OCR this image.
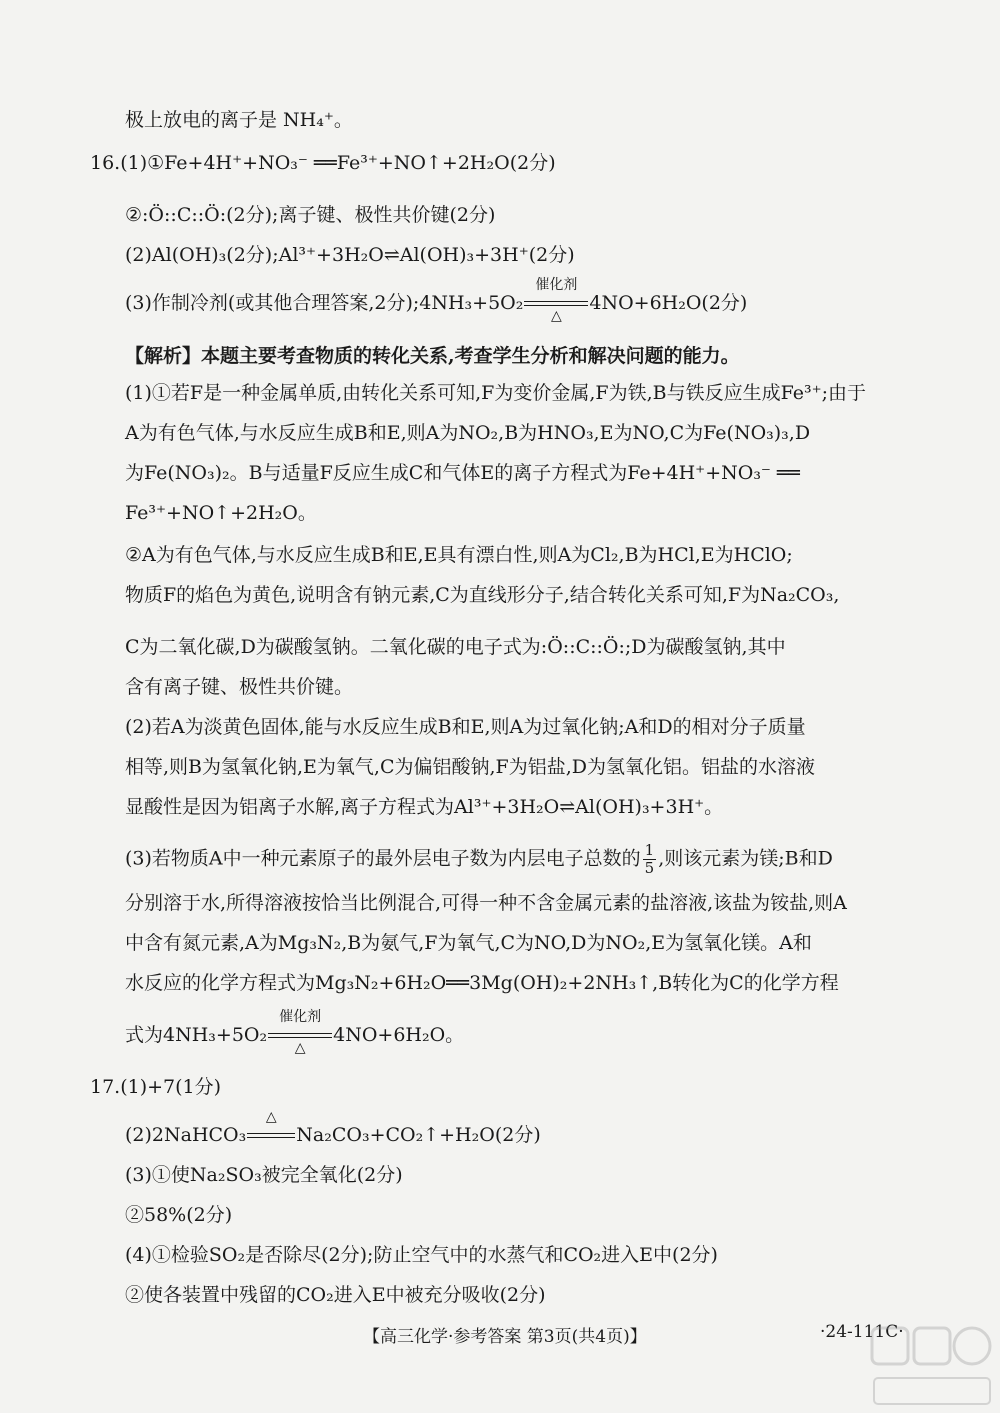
极上放电的离子是 NH₄⁺。
16.(1)①Fe+4H⁺+NO₃⁻ ══Fe³⁺+NO↑+2H₂O(2分)
②:Ö::C::Ö:(2分);离子键、极性共价键(2分)
(2)Al(OH)₃(2分);Al³⁺+3H₂O⇌Al(OH)₃+3H⁺(2分)
(3)作制冷剂(或其他合理答案,2分);4NH₃+5O₂
催化剂
△
4NO+6H₂O(2分)
【解析】本题主要考查物质的转化关系,考查学生分析和解决问题的能力。
(1)①若F是一种金属单质,由转化关系可知,F为变价金属,F为铁,B与铁反应生成Fe³⁺;由于
A为有色气体,与水反应生成B和E,则A为NO₂,B为HNO₃,E为NO,C为Fe(NO₃)₃,D
为Fe(NO₃)₂。B与适量F反应生成C和气体E的离子方程式为Fe+4H⁺+NO₃⁻ ══
Fe³⁺+NO↑+2H₂O。
②A为有色气体,与水反应生成B和E,E具有漂白性,则A为Cl₂,B为HCl,E为HClO;
物质F的焰色为黄色,说明含有钠元素,C为直线形分子,结合转化关系可知,F为Na₂CO₃,
C为二氧化碳,D为碳酸氢钠。二氧化碳的电子式为:Ö::C::Ö:;D为碳酸氢钠,其中
含有离子键、极性共价键。
(2)若A为淡黄色固体,能与水反应生成B和E,则A为过氧化钠;A和D的相对分子质量
相等,则B为氢氧化钠,E为氧气,C为偏铝酸钠,F为铝盐,D为氢氧化铝。铝盐的水溶液
显酸性是因为铝离子水解,离子方程式为Al³⁺+3H₂O⇌Al(OH)₃+3H⁺。
(3)若物质A中一种元素原子的最外层电子数为内层电子总数的 $\frac{1}{5}$ ,则该元素为镁;B和D
分别溶于水,所得溶液按恰当比例混合,可得一种不含金属元素的盐溶液,该盐为铵盐,则A
中含有氮元素,A为Mg₃N₂,B为氨气,F为氧气,C为NO,D为NO₂,E为氢氧化镁。A和
水反应的化学方程式为Mg₃N₂+6H₂O══3Mg(OH)₂+2NH₃↑,B转化为C的化学方程
式为4NH₃+5O₂
催化剂
△
4NO+6H₂O。
17.(1)+7(1分)
(2)2NaHCO₃
△
Na₂CO₃+CO₂↑+H₂O(2分)
(3)①使Na₂SO₃被完全氧化(2分)
②58%(2分)
(4)①检验SO₂是否除尽(2分);防止空气中的水蒸气和CO₂进入E中(2分)
②使各装置中残留的CO₂进入E中被充分吸收(2分)
【高三化学·参考答案 第3页(共4页)】	·24-111C·
